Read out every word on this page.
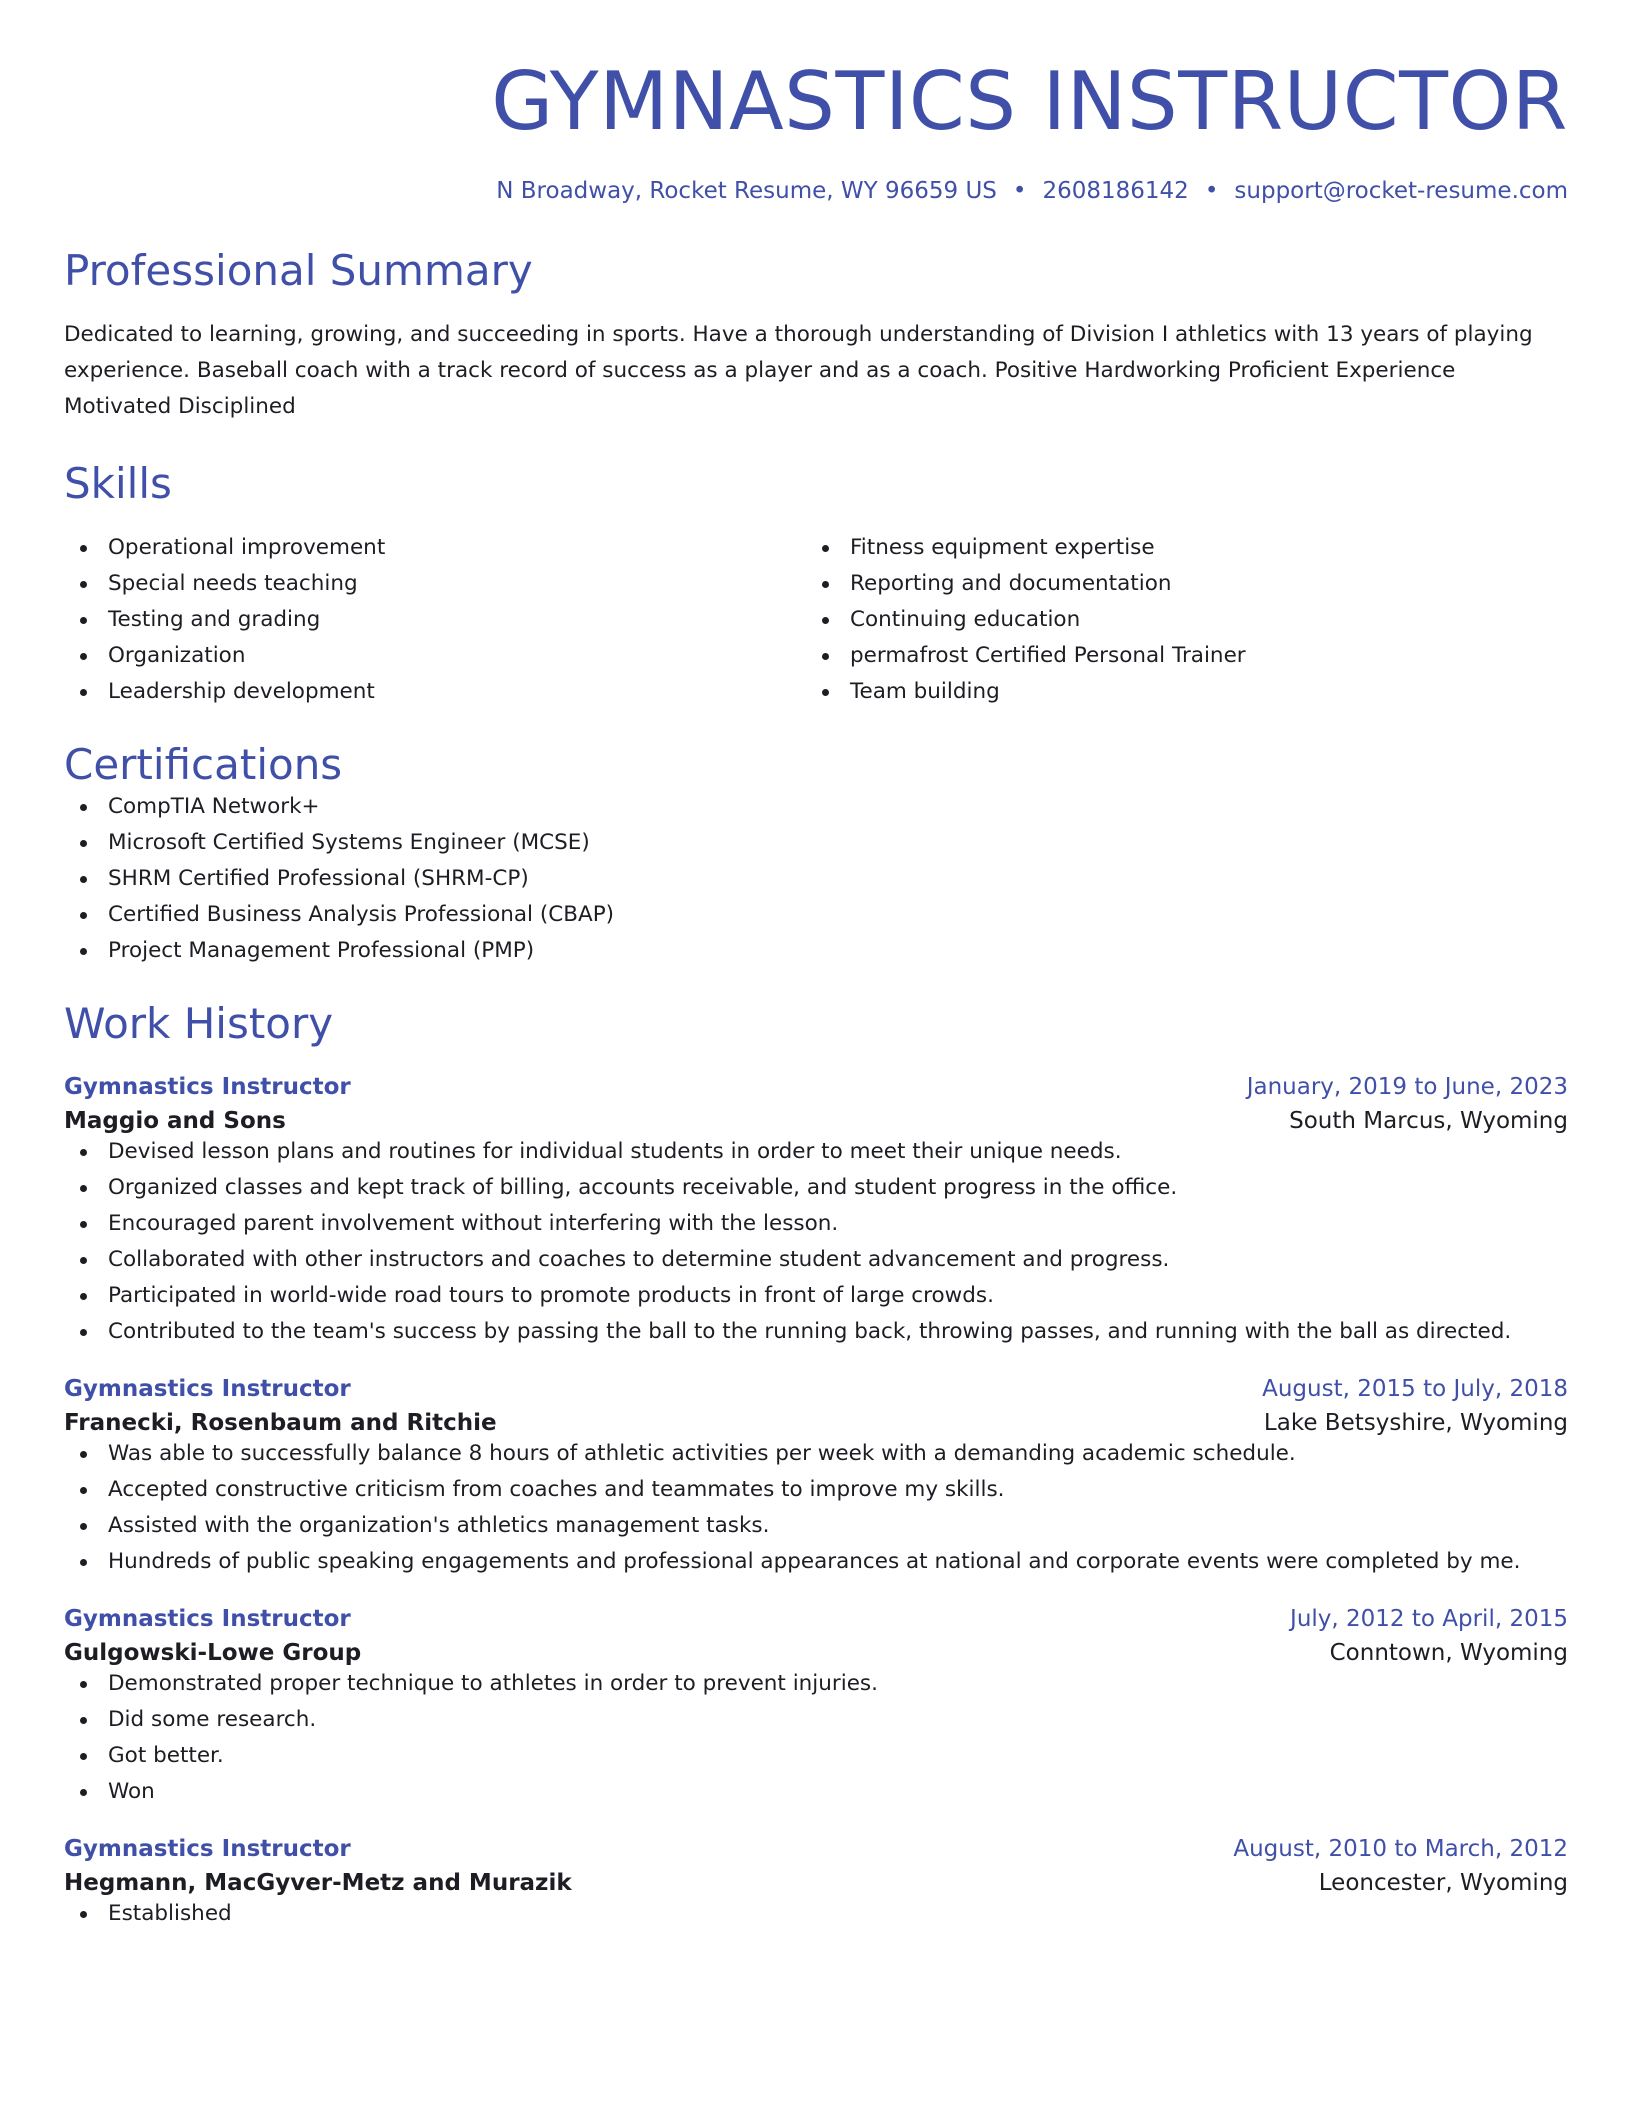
GYMNASTICS INSTRUCTOR
N Broadway, Rocket Resume, WY 96659 US • 2608186142 • support@rocket-resume.com
Professional Summary
Dedicated to learning, growing, and succeeding in sports. Have a thorough understanding of Division I athletics with 13 years of playing experience. Baseball coach with a track record of success as a player and as a coach. Positive Hardworking Proficient Experience Motivated Disciplined
Skills
Operational improvement
Special needs teaching
Testing and grading
Organization
Leadership development
Fitness equipment expertise
Reporting and documentation
Continuing education
permafrost Certified Personal Trainer
Team building
Certifications
CompTIA Network+
Microsoft Certified Systems Engineer (MCSE)
SHRM Certified Professional (SHRM-CP)
Certified Business Analysis Professional (CBAP)
Project Management Professional (PMP)
Work History
Gymnastics Instructor	January, 2019 to June, 2023
Maggio and Sons	South Marcus, Wyoming
Devised lesson plans and routines for individual students in order to meet their unique needs.
Organized classes and kept track of billing, accounts receivable, and student progress in the office.
Encouraged parent involvement without interfering with the lesson.
Collaborated with other instructors and coaches to determine student advancement and progress.
Participated in world-wide road tours to promote products in front of large crowds.
Contributed to the team's success by passing the ball to the running back, throwing passes, and running with the ball as directed.
Gymnastics Instructor	August, 2015 to July, 2018
Franecki, Rosenbaum and Ritchie	Lake Betsyshire, Wyoming
Was able to successfully balance 8 hours of athletic activities per week with a demanding academic schedule.
Accepted constructive criticism from coaches and teammates to improve my skills.
Assisted with the organization's athletics management tasks.
Hundreds of public speaking engagements and professional appearances at national and corporate events were completed by me.
Gymnastics Instructor	July, 2012 to April, 2015
Gulgowski-Lowe Group	Conntown, Wyoming
Demonstrated proper technique to athletes in order to prevent injuries.
Did some research.
Got better.
Won
Gymnastics Instructor	August, 2010 to March, 2012
Hegmann, MacGyver-Metz and Murazik	Leoncester, Wyoming
Established
